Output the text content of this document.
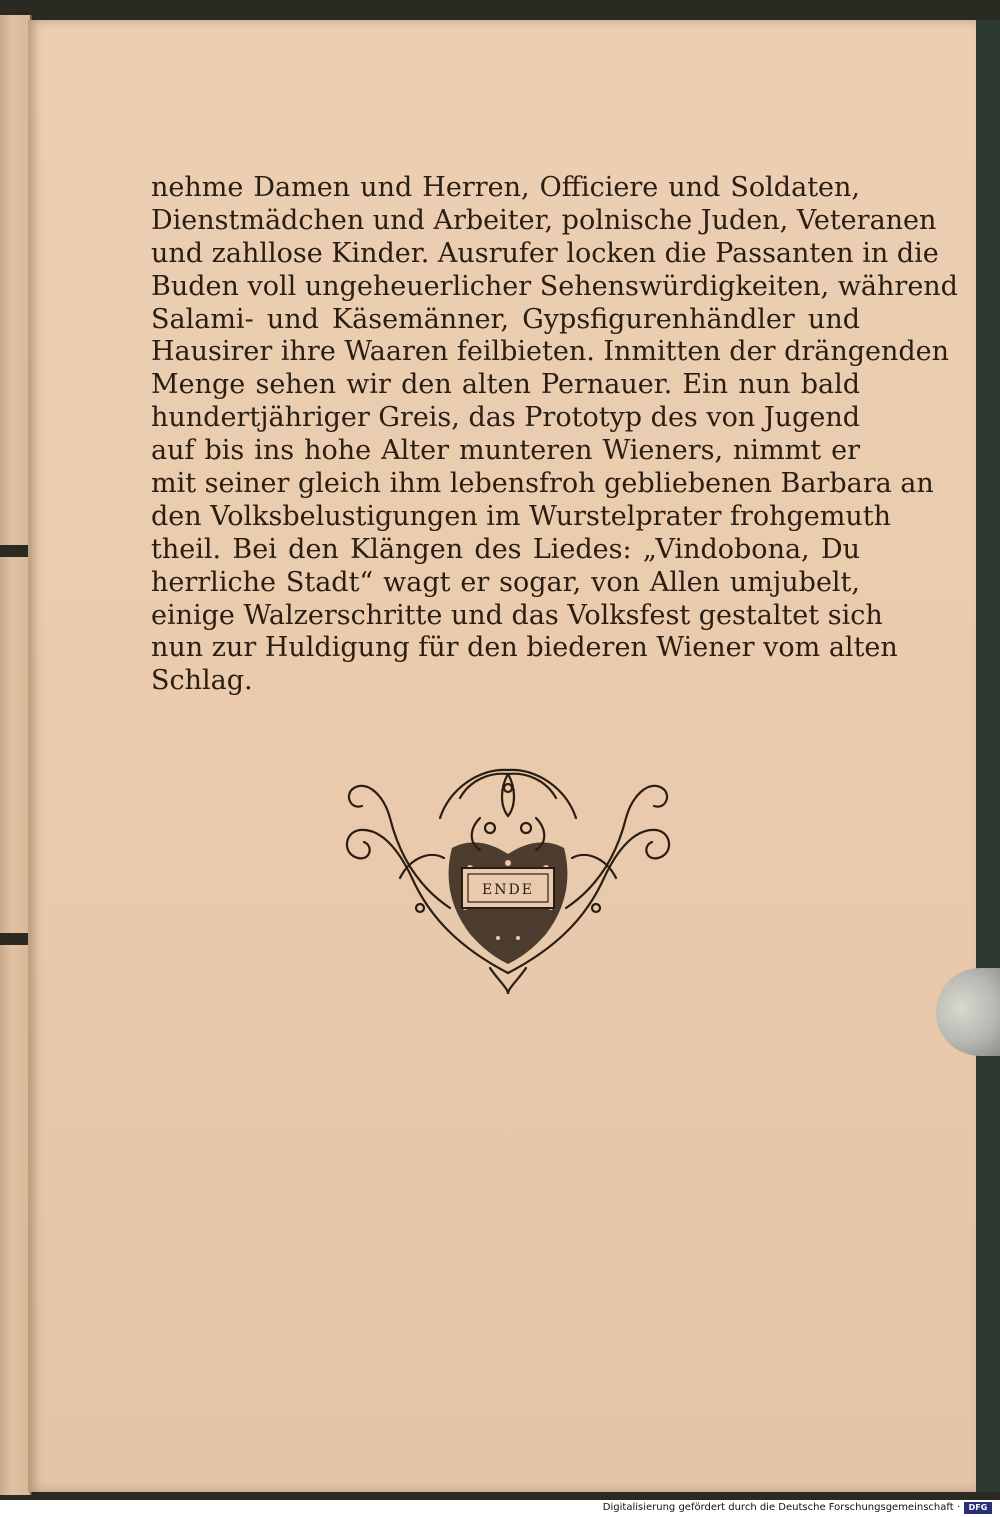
nehme Damen und Herren, Officiere und Soldaten,
Dienstmädchen und Arbeiter, polnische Juden, Veteranen
und zahllose Kinder. Ausrufer locken die Passanten in die
Buden voll ungeheuerlicher Sehenswürdigkeiten, während
Salami- und Käsemänner, Gypsfigurenhändler und
Hausirer ihre Waaren feilbieten. Inmitten der drängenden
Menge sehen wir den alten Pernauer. Ein nun bald
hundertjähriger Greis, das Prototyp des von Jugend
auf bis ins hohe Alter munteren Wieners, nimmt er
mit seiner gleich ihm lebensfroh gebliebenen Barbara an
den Volksbelustigungen im Wurstelprater frohgemuth
theil. Bei den Klängen des Liedes: „Vindobona, Du
herrliche Stadt“ wagt er sogar, von Allen umjubelt,
einige Walzerschritte und das Volksfest gestaltet sich
nun zur Huldigung für den biederen Wiener vom alten
Schlag.
ENDE
Digitalisierung gefördert durch die Deutsche Forschungsgemeinschaft ·	DFG
